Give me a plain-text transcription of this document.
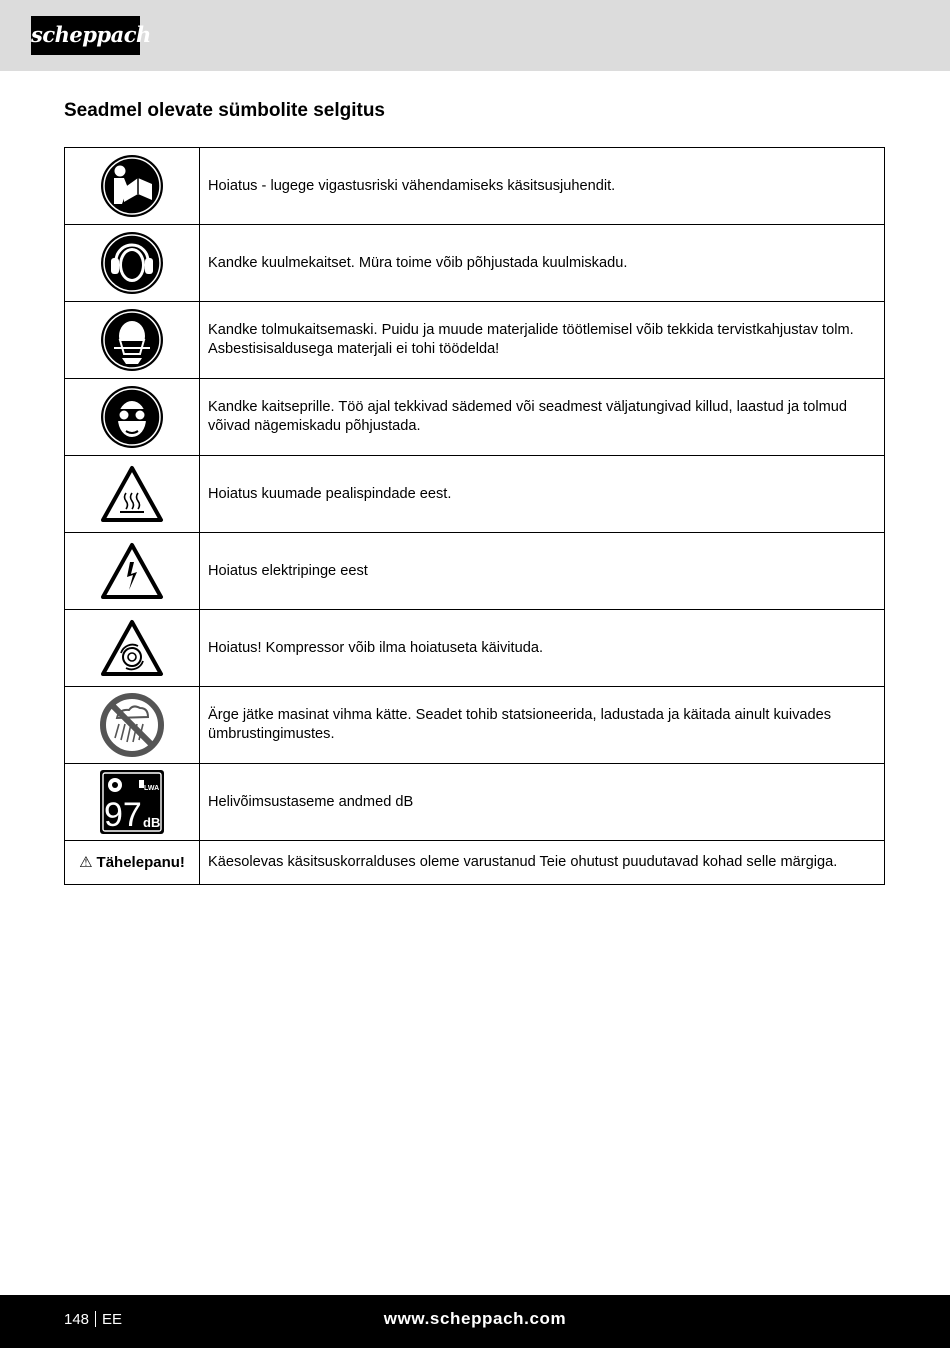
scheppach
Seadmel olevate sümbolite selgitus
	Hoiatus - lugege vigastusriski vähendamiseks käsitsusjuhendit.

	Kandke kuulmekaitset. Müra toime võib põhjustada kuulmiskadu.

	Kandke tolmukaitsemaski. Puidu ja muude materjalide töötlemisel võib tekkida tervistkahjustav tolm. Asbestisisaldusega materjali ei tohi töödelda!

	Kandke kaitseprille. Töö ajal tekkivad sädemed või seadmest väljatungivad killud, laastud ja tolmud võivad nägemiskadu põhjustada.

	Hoiatus kuumade pealispindade eest.

	Hoiatus elektripinge eest

	Hoiatus! Kompressor võib ilma hoiatuseta käivituda.

	Ärge jätke masinat vihma kätte. Seadet tohib statsioneerida, ladustada ja käitada ainult kuivades ümbrustingimustes.

LWA
97 dB	Helivõimsustaseme andmed dB
⚠ Tähelepanu!	Käesolevas käsitsuskorralduses oleme varustanud Teie ohutust puudutavad kohad selle märgiga.
148 EE	www.scheppach.com
